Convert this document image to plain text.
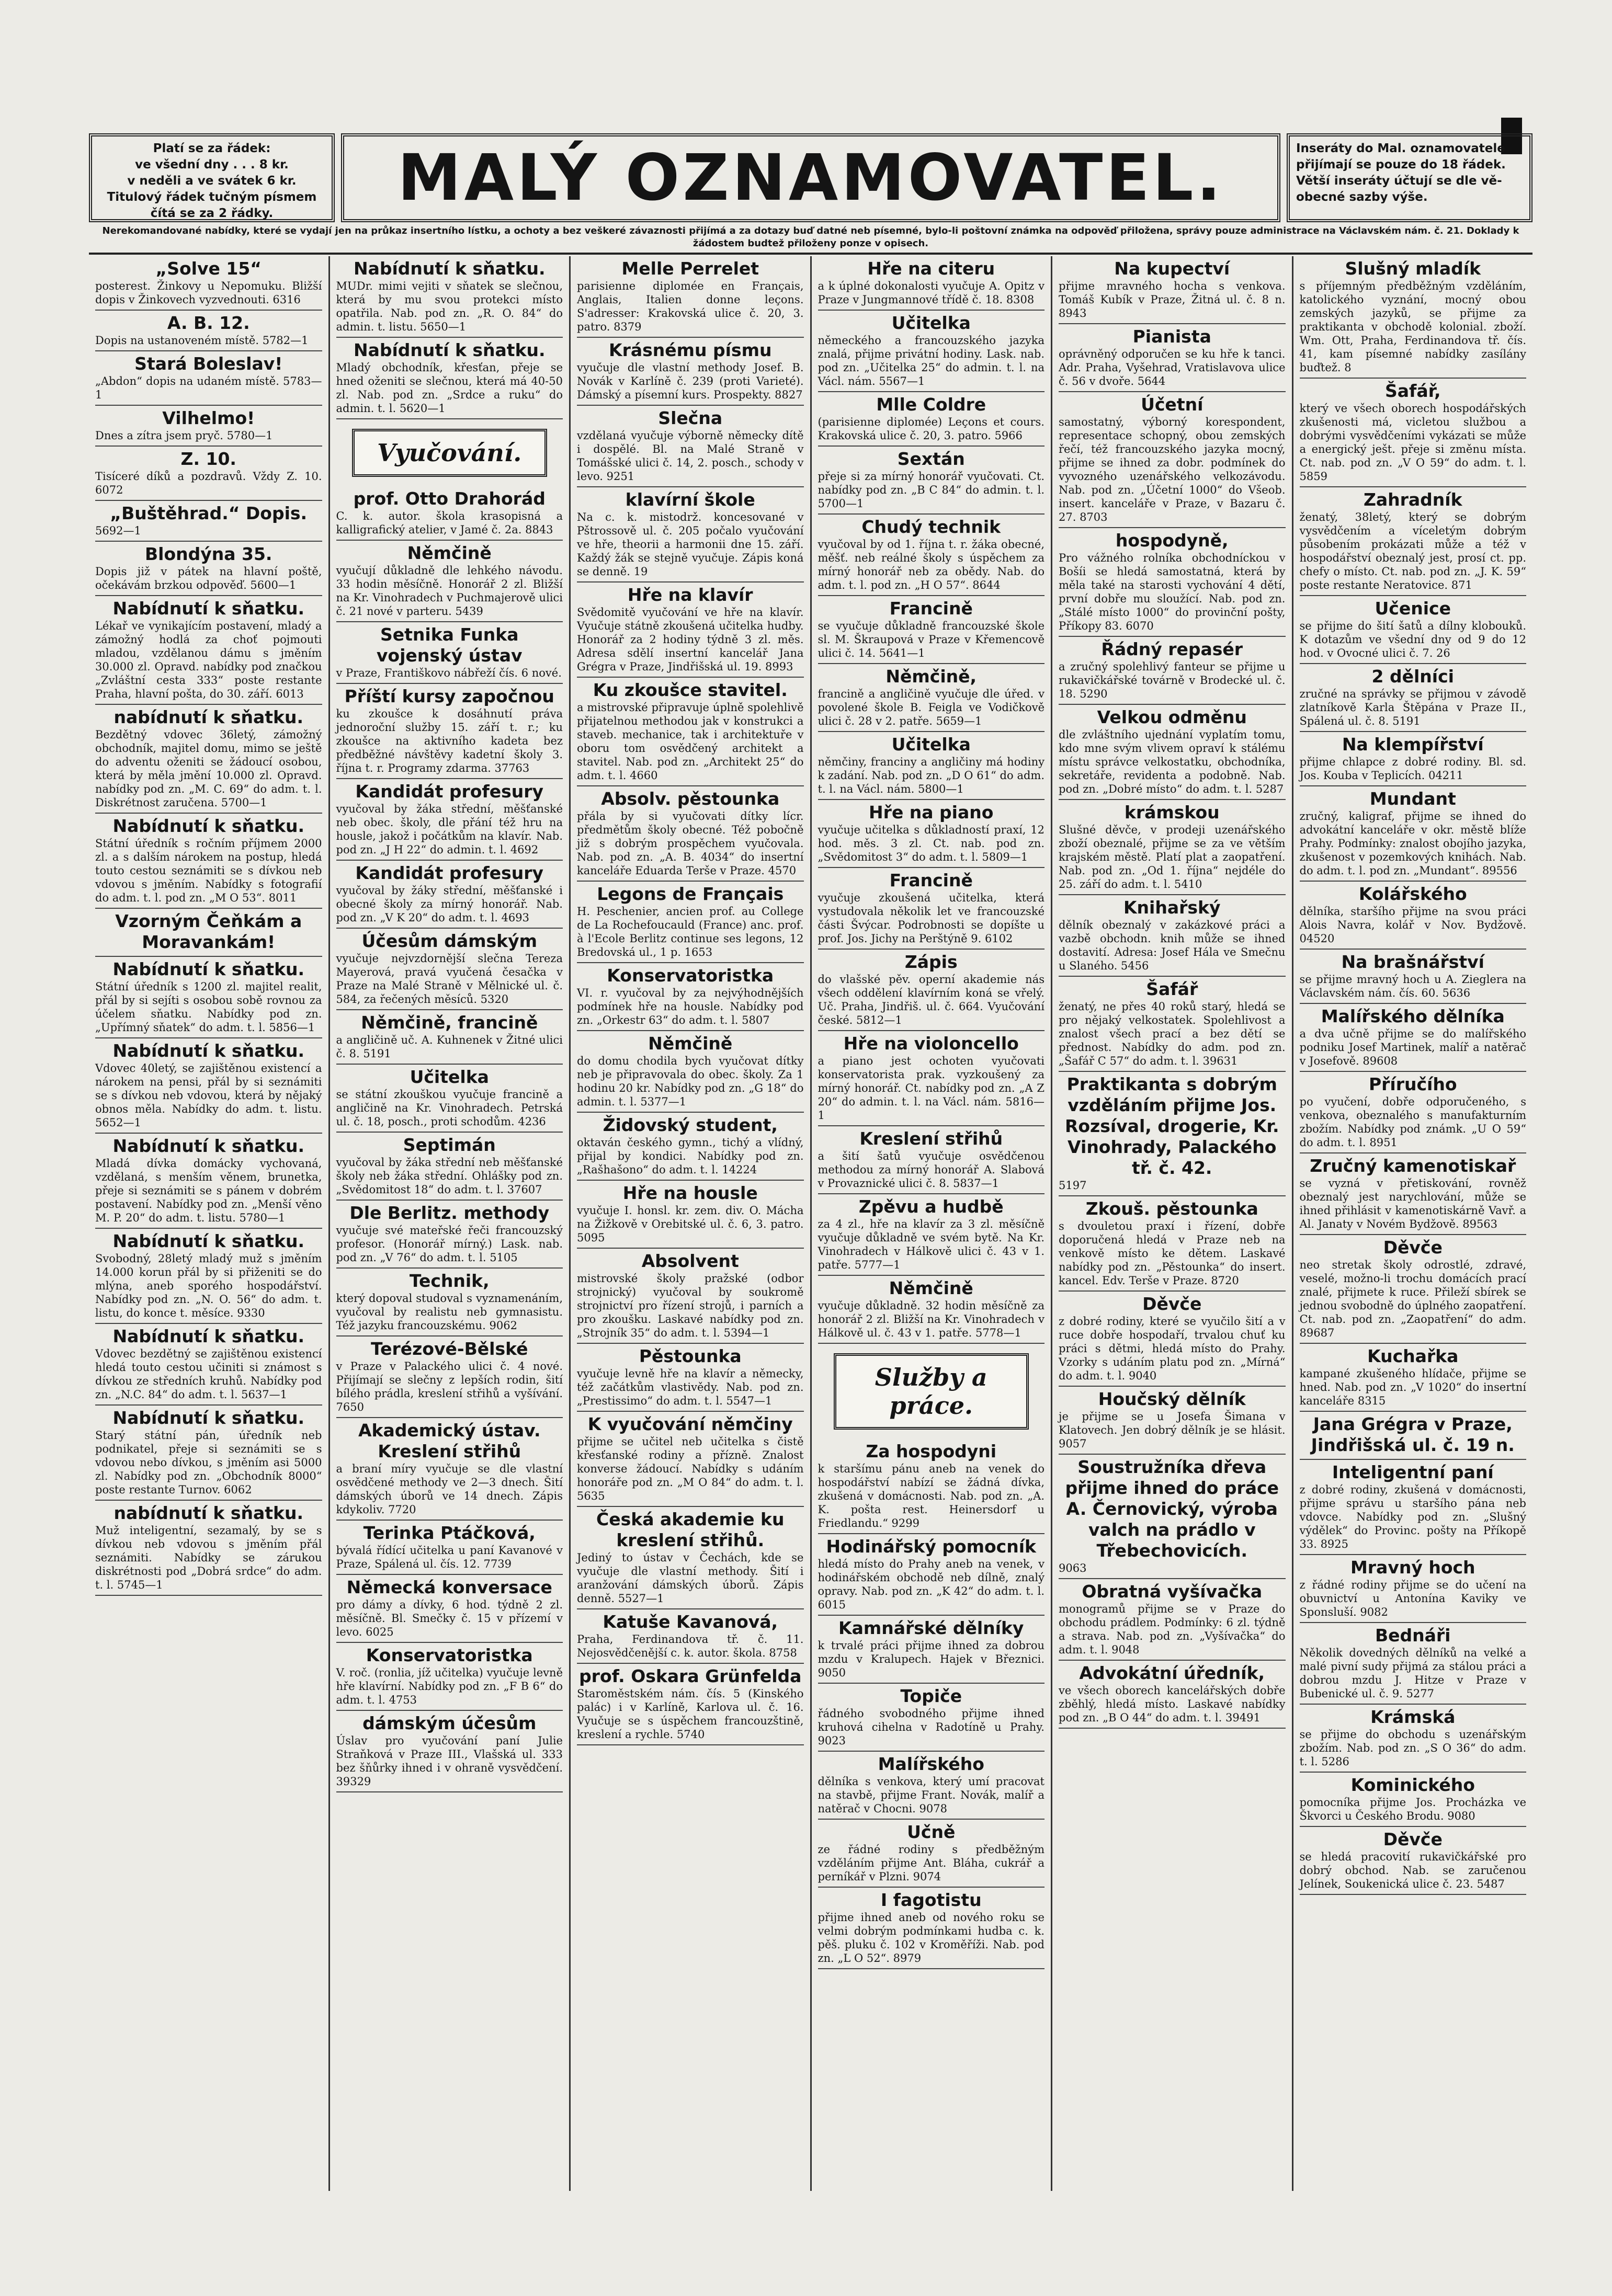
Platí se za řádek:
ve všední dny . . . 8 kr.
v neděli a ve svátek 6 kr.
Titulový řádek tučným písmem
čítá se za 2 řádky.	MALÝ OZNAMOVATEL.	Inseráty do Mal. oznamovatele
přijímají se pouze do 18 řádek.
Větší inseráty účtují se dle vě-
obecné sazby výše.
Nerekomandované nabídky, které se vydají jen na průkaz insertního lístku, a ochoty a bez veškeré závaznosti přijímá a za dotazy buď datné neb písemné, bylo-li poštovní známka na odpověď přiložena, správy pouze administrace na Václavském nám. č. 21. Doklady k žádostem budtež přiloženy ponze v opisech.
„Solve 15“
posterest. Žinkovy u Nepomuku. Bližší dopis v Žinkovech vyzvednouti. 6316
A. B. 12.
Dopis na ustanoveném místě. 5782—1
Stará Boleslav!
„Abdon“ dopis na udaném místě. 5783—1
Vilhelmo!
Dnes a zítra jsem pryč. 5780—1
Z. 10.
Tisíceré díků a pozdravů. Vždy Z. 10. 6072
„Buštěhrad.“ Dopis.
5692—1
Blondýna 35.
Dopis již v pátek na hlavní poště, očekávám brzkou odpověď. 5600—1
Nabídnutí k sňatku.
Lékař ve vynikajícím postavení, mladý a zámožný hodlá za choť pojmouti mladou, vzdělanou dámu s jměním 30.000 zl. Opravd. nabídky pod značkou „Zvláštní cesta 333“ poste restante Praha, hlavní pošta, do 30. září. 6013
nabídnutí k sňatku.
Bezdětný vdovec 36letý, zámožný obchodník, majitel domu, mimo se ještě do adventu oženiti se žádoucí osobou, která by měla jmění 10.000 zl. Opravd. nabídky pod zn. „M. C. 69“ do adm. t. l. Diskrétnost zaručena. 5700—1
Nabídnutí k sňatku.
Státní úředník s ročním příjmem 2000 zl. a s dalším nárokem na postup, hledá touto cestou seznámiti se s dívkou neb vdovou s jměním. Nabídky s fotografií do adm. t. l. pod zn. „M O 53“. 8011
Vzorným Čeňkám a Moravankám!
Nabídnutí k sňatku.
Státní úředník s 1200 zl. majitel realit, přál by si sejíti s osobou sobě rovnou za účelem sňatku. Nabídky pod zn. „Upřímný sňatek“ do adm. t. l. 5856—1
Nabídnutí k sňatku.
Vdovec 40letý, se zajištěnou existencí a nárokem na pensi, přál by si seznámiti se s dívkou neb vdovou, která by nějaký obnos měla. Nabídky do adm. t. listu. 5652—1
Nabídnutí k sňatku.
Mladá dívka domácky vychovaná, vzdělaná, s menším věnem, brunetka, přeje si seznámiti se s pánem v dobrém postavení. Nabídky pod zn. „Menší věno M. P. 20“ do adm. t. listu. 5780—1
Nabídnutí k sňatku.
Svobodný, 28letý mladý muž s jměním 14.000 korun přál by si přiženiti se do mlýna, aneb sporého hospodářství. Nabídky pod zn. „N. O. 56“ do adm. t. listu, do konce t. měsíce. 9330
Nabídnutí k sňatku.
Vdovec bezdětný se zajištěnou existencí hledá touto cestou učiniti si známost s dívkou ze středních kruhů. Nabídky pod zn. „N.C. 84“ do adm. t. l. 5637—1
Nabídnutí k sňatku.
Starý státní pán, úředník neb podnikatel, přeje si seznámiti se s vdovou nebo dívkou, s jměním asi 5000 zl. Nabídky pod zn. „Obchodník 8000“ poste restante Turnov. 6062
nabídnutí k sňatku.
Muž inteligentní, sezamalý, by se s dívkou neb vdovou s jměním přál seznámiti. Nabídky se zárukou diskrétnosti pod „Dobrá srdce“ do adm. t. l. 5745—1
Nabídnutí k sňatku.
MUDr. mimi vejiti v sňatek se slečnou, která by mu svou protekci místo opatřila. Nab. pod zn. „R. O. 84“ do admin. t. listu. 5650—1
Nabídnutí k sňatku.
Mladý obchodník, křesťan, přeje se hned oženiti se slečnou, která má 40-50 zl. Nab. pod zn. „Srdce a ruku“ do admin. t. l. 5620—1
Vyučování.
prof. Otto Drahorád
C. k. autor. škola krasopisná a kalligrafický atelier, v Jamé č. 2a. 8843
Němčině
vyučují důkladně dle lehkého návodu. 33 hodin měsíčně. Honorář 2 zl. Bližší na Kr. Vinohradech v Puchmajerově ulici č. 21 nové v parteru. 5439
Setnika Funka vojenský ústav
v Praze, Františkovo nábřeží čís. 6 nové.
Příští kursy započnou
ku zkoušce k dosáhnutí práva jednoroční služby 15. září t. r.; ku zkoušce na aktivního kadeta bez předběžné návštěvy kadetní školy 3. října t. r. Programy zdarma. 37763
Kandidát profesury
vyučoval by žáka střední, měšťanské neb obec. školy, dle přání též hru na housle, jakož i počátkům na klavír. Nab. pod zn. „J H 22“ do admin. t. l. 4692
Kandidát profesury
vyučoval by žáky střední, měšťanské i obecné školy za mírný honorář. Nab. pod zn. „V K 20“ do adm. t. l. 4693
Účesům dámským
vyučuje nejvzdornější slečna Tereza Mayerová, pravá vyučená česačka v Praze na Malé Straně v Mělnické ul. č. 584, za řečených měsíců. 5320
Němčině, francině
a angličině uč. A. Kuhnenek v Žitné ulici č. 8. 5191
Učitelka
se státní zkouškou vyučuje francině a angličině na Kr. Vinohradech. Petrská ul. č. 18, posch., proti schodům. 4236
Septimán
vyučoval by žáka střední neb měšťanské školy neb žáka střední. Ohlášky pod zn. „Svědomitost 18“ do adm. t. l. 37607
Dle Berlitz. methody
vyučuje své mateřské řeči francouzský profesor. (Honorář mírný.) Lask. nab. pod zn. „V 76“ do adm. t. l. 5105
Technik,
který dopoval studoval s vyznamenáním, vyučoval by realistu neb gymnasistu. Též jazyku francouzskému. 9062
Terézové-Bělské
v Praze v Palackého ulici č. 4 nové. Přijímají se slečny z lepších rodin, šití bílého prádla, kreslení střihů a vyšívání. 7650
Akademický ústav. Kreslení střihů
a braní míry vyučuje se dle vlastní osvědčené methody ve 2—3 dnech. Šití dámských úborů ve 14 dnech. Zápis kdykoliv. 7720
Terinka Ptáčková,
bývalá řídící učitelka u paní Kavanové v Praze, Spálená ul. čís. 12. 7739
Německá konversace
pro dámy a dívky, 6 hod. týdně 2 zl. měsíčně. Bl. Smečky č. 15 v přízemí v levo. 6025
Konservatoristka
V. roč. (ronlia, jíž učitelka) vyučuje levně hře klavírní. Nabídky pod zn. „F B 6“ do adm. t. l. 4753
dámským účesům
Úslav pro vyučování paní Julie Straňková v Praze III., Vlašská ul. 333 bez šňůrky ihned i v ohraně vysvědčení. 39329
Melle Perrelet
parisienne diplomée en Français, Anglais, Italien donne leçons. S'adresser: Krakovská ulice č. 20, 3. patro. 8379
Krásnému písmu
vyučuje dle vlastní methody Josef. B. Novák v Karlíně č. 239 (proti Varieté). Dámský a písemní kurs. Prospekty. 8827
Slečna
vzdělaná vyučuje výborně německy dítě i dospělé. Bl. na Malé Straně v Tomášské ulici č. 14, 2. posch., schody v levo. 9251
klavírní škole
Na c. k. mistodrž. koncesované v Pštrossově ul. č. 205 počalo vyučování ve hře, theorii a harmonii dne 15. září. Každý žák se stejně vyučuje. Zápis koná se denně. 19
Hře na klavír
Svědomitě vyučování ve hře na klavír. Vyučuje státně zkoušená učitelka hudby. Honorář za 2 hodiny týdně 3 zl. měs. Adresa sdělí insertní kancelář Jana Grégra v Praze, Jindřišská ul. 19. 8993
Ku zkoušce stavitel.
a mistrovské připravuje úplně spolehlivě přijatelnou methodou jak v konstrukci a staveb. mechanice, tak i architektuře v oboru tom osvědčený architekt a stavitel. Nab. pod zn. „Architekt 25“ do adm. t. l. 4660
Absolv. pěstounka
přála by si vyučovati dítky lícr. předmětům školy obecné. Též pobočně již s dobrým prospěchem vyučovala. Nab. pod zn. „A. B. 4034“ do insertní kanceláře Eduarda Terše v Praze. 4570
Legons de Français
H. Peschenier, ancien prof. au College de La Rochefoucauld (France) anc. prof. à l'Ecole Berlitz continue ses legons, 12 Bredovská ul., 1 p. 1653
Konservatoristka
VI. r. vyučoval by za nejvýhodnějších podmínek hře na housle. Nabídky pod zn. „Orkestr 63“ do adm. t. l. 5807
Němčině
do domu chodila bych vyučovat dítky neb je připravovala do obec. školy. Za 1 hodinu 20 kr. Nabídky pod zn. „G 18“ do admin. t. l. 5377—1
Židovský student,
oktaván českého gymn., tichý a vlídný, přijal by kondici. Nabídky pod zn. „Rašhašono“ do adm. t. l. 14224
Hře na housle
vyučuje I. honsl. kr. zem. div. O. Mácha na Žižkově v Orebitské ul. č. 6, 3. patro. 5095
Absolvent
mistrovské školy pražské (odbor strojnický) vyučoval by soukromě strojnictví pro řízení strojů, i parních a pro zkoušku. Laskavé nabídky pod zn. „Strojník 35“ do adm. t. l. 5394—1
Pěstounka
vyučuje levně hře na klavír a německy, též začátkům vlastivědy. Nab. pod zn. „Prestissimo“ do adm. t. l. 5547—1
K vyučování němčiny
přijme se učitel neb učitelka s čistě křesťanské rodiny a přízně. Znalost konverse žádoucí. Nabídky s udáním honoráře pod zn. „M O 84“ do adm. t. l. 5635
Česká akademie ku kreslení střihů.
Jediný to ústav v Čechách, kde se vyučuje dle vlastní methody. Šití i aranžování dámských úborů. Zápis denně. 5527—1
Katuše Kavanová,
Praha, Ferdinandova tř. č. 11. Nejosvědčenější c. k. autor. škola. 8758
prof. Oskara Grünfelda
Staroměstském nám. čís. 5 (Kinského palác) i v Karlíně, Karlova ul. č. 16. Vyučuje se s úspěchem francouzštině, kreslení a rychle. 5740
Hře na citeru
a k úplné dokonalosti vyučuje A. Opitz v Praze v Jungmannové třídě č. 18. 8308
Učitelka
německého a francouzského jazyka znalá, přijme privátní hodiny. Lask. nab. pod zn. „Učitelka 25“ do admin. t. l. na Václ. nám. 5567—1
Mlle Coldre
(parisienne diplomée) Leçons et cours. Krakovská ulice č. 20, 3. patro. 5966
Sextán
přeje si za mírný honorář vyučovati. Ct. nabídky pod zn. „B C 84“ do admin. t. l. 5700—1
Chudý technik
vyučoval by od 1. října t. r. žáka obecné, měšť. neb reálné školy s úspěchem za mírný honorář neb za obědy. Nab. do adm. t. l. pod zn. „H O 57“. 8644
Francině
se vyučuje důkladně francouzské škole sl. M. Škraupová v Praze v Křemencově ulici č. 14. 5641—1
Němčině,
francině a angličině vyučuje dle úřed. v povolené škole B. Feigla ve Vodičkově ulici č. 28 v 2. patře. 5659—1
Učitelka
němčiny, franciny a angličiny má hodiny k zadání. Nab. pod zn. „D O 61“ do adm. t. l. na Václ. nám. 5800—1
Hře na piano
vyučuje učitelka s důkladností praxí, 12 hod. měs. 3 zl. Ct. nab. pod zn. „Svědomitost 3“ do adm. t. l. 5809—1
Francině
vyučuje zkoušená učitelka, která vystudovala několik let ve francouzské části Švýcar. Podrobnosti se dopíšte u prof. Jos. Jichy na Perštýně 9. 6102
Zápis
do vlašské pěv. operní akademie nás všech oddělení klavírním koná se vřelý. Uč. Praha, Jindřiš. ul. č. 664. Vyučování české. 5812—1
Hře na violoncello
a piano jest ochoten vyučovati konservatorista prak. vyzkoušený za mírný honorář. Ct. nabídky pod zn. „A Z 20“ do admin. t. l. na Václ. nám. 5816—1
Kreslení střihů
a šití šatů vyučuje osvědčenou methodou za mírný honorář A. Slabová v Provaznické ulici č. 8. 5837—1
Zpěvu a hudbě
za 4 zl., hře na klavír za 3 zl. měsíčně vyučuje důkladně ve svém bytě. Na Kr. Vinohradech v Hálkově ulici č. 43 v 1. patře. 5777—1
Němčině
vyučuje důkladně. 32 hodin měsíčně za honorář 2 zl. Bližší na Kr. Vinohradech v Hálkově ul. č. 43 v 1. patře. 5778—1
Služby a práce.
Za hospodyni
k staršímu pánu aneb na venek do hospodářství nabízí se žádná dívka, zkušená v domácnosti. Nab. pod zn. „A. K. pošta rest. Heinersdorf u Friedlandu.“ 9299
Hodinářský pomocník
hledá místo do Prahy aneb na venek, v hodinářském obchodě neb dílně, znalý opravy. Nab. pod zn. „K 42“ do adm. t. l. 6015
Kamnářské dělníky
k trvalé práci přijme ihned za dobrou mzdu v Kralupech. Hajek v Březnici. 9050
Topiče
řádného svobodného přijme ihned kruhová cihelna v Radotíně u Prahy. 9023
Malířského
dělníka s venkova, který umí pracovat na stavbě, přijme Frant. Novák, malíř a natěrač v Chocni. 9078
Učně
ze řádné rodiny s předběžným vzděláním přijme Ant. Bláha, cukrář a perníkář v Plzni. 9074
I fagotistu
přijme ihned aneb od nového roku se velmi dobrým podmínkami hudba c. k. pěš. pluku č. 102 v Kroměříži. Nab. pod zn. „L O 52“. 8979
Na kupectví
přijme mravného hocha s venkova. Tomáš Kubík v Praze, Žitná ul. č. 8 n. 8943
Pianista
oprávněný odporučen se ku hře k tanci. Adr. Praha, Vyšehrad, Vratislavova ulice č. 56 v dvoře. 5644
Účetní
samostatný, výborný korespondent, representace schopný, obou zemských řečí, též francouzského jazyka mocný, přijme se ihned za dobr. podmínek do vyvozného uzenářského velkozávodu. Nab. pod zn. „Účetní 1000“ do Všeob. insert. kanceláře v Praze, v Bazaru č. 27. 8703
hospodyně,
Pro vážného rolníka obchodníckou v Bošíi se hledá samostatná, která by měla také na starosti vychování 4 dětí, první dobře mu sloužící. Nab. pod zn. „Stálé místo 1000“ do provinční pošty, Příkopy 83. 6070
Řádný repasér
a zručný spolehlivý fanteur se přijme u rukavičkářské továrně v Brodecké ul. č. 18. 5290
Velkou odměnu
dle zvláštního ujednání vyplatím tomu, kdo mne svým vlivem opraví k stálému místu správce velkostatku, obchodníka, sekretáře, revidenta a podobně. Nab. pod zn. „Dobré místo“ do adm. t. l. 5287
krámskou
Slušné děvče, v prodeji uzenářského zboží obeznalé, přijme se za ve větším krajském městě. Platí plat a zaopatření. Nab. pod zn. „Od 1. října“ nejdéle do 25. září do adm. t. l. 5410
Knihařský
dělník obeznalý v zakázkové práci a vazbě obchodn. knih může se ihned dostavití. Adresa: Josef Hála ve Smečnu u Slaného. 5456
Šafář
ženatý, ne přes 40 roků starý, hledá se pro nějaký velkostatek. Spolehlivost a znalost všech prací a bez dětí se přednost. Nabídky do adm. pod zn. „Šafář C 57“ do adm. t. l. 39631
Praktikanta s dobrým vzděláním přijme Jos. Rozsíval, drogerie, Kr. Vinohrady, Palackého tř. č. 42.
5197
Zkouš. pěstounka
s dvouletou praxí i řízení, dobře doporučená hledá v Praze neb na venkově místo ke dětem. Laskavé nabídky pod zn. „Pěstounka“ do insert. kancel. Edv. Terše v Praze. 8720
Děvče
z dobré rodiny, které se vyučilo šití a v ruce dobře hospodaří, trvalou chuť ku práci s dětmi, hledá místo do Prahy. Vzorky s udáním platu pod zn. „Mírná“ do adm. t. l. 9040
Houčský dělník
je přijme se u Josefa Šimana v Klatovech. Jen dobrý dělník je se hlásit. 9057
Soustružníka dřeva přijme ihned do práce A. Černovický, výroba valch na prádlo v Třebechovicích.
9063
Obratná vyšívačka
monogramů přijme se v Praze do obchodu prádlem. Podmínky: 6 zl. týdně a strava. Nab. pod zn. „Vyšívačka“ do adm. t. l. 9048
Advokátní úředník,
ve všech oborech kancelářských dobře zběhlý, hledá místo. Laskavé nabídky pod zn. „B O 44“ do adm. t. l. 39491
Slušný mladík
s příjemným předběžným vzděláním, katolického vyznání, mocný obou zemských jazyků, se přijme za praktikanta v obchodě kolonial. zboží. Wm. Ott, Praha, Ferdinandova tř. čís. 41, kam písemné nabídky zasílány buďtež. 8
Šafář,
který ve všech oborech hospodářských zkušenosti má, vicletou službou a dobrými vysvědčeními vykázati se může a energický ješt. přeje si změnu místa. Ct. nab. pod zn. „V O 59“ do adm. t. l. 5859
Zahradník
ženatý, 38letý, který se dobrým vysvědčením a víceletým dobrým působením prokázati může a též v hospodářství obeznalý jest, prosí ct. pp. chefy o místo. Ct. nab. pod zn. „J. K. 59“ poste restante Neratovice. 871
Učenice
se přijme do šití šatů a dílny klobouků. K dotazům ve všední dny od 9 do 12 hod. v Ovocné ulici č. 7. 26
2 dělníci
zručné na správky se přijmou v závodě zlatníkově Karla Štěpána v Praze II., Spálená ul. č. 8. 5191
Na klempířství
přijme chlapce z dobré rodiny. Bl. sd. Jos. Kouba v Teplicích. 04211
Mundant
zručný, kaligraf, přijme se ihned do advokátní kanceláře v okr. městě blíže Prahy. Podmínky: znalost obojího jazyka, zkušenost v pozemkových knihách. Nab. do adm. t. l. pod zn. „Mundant“. 89556
Kolářského
dělníka, staršího přijme na svou práci Alois Navra, kolář v Nov. Bydžově. 04520
Na brašnářství
se přijme mravný hoch u A. Zieglera na Václavském nám. čís. 60. 5636
Malířského dělníka
a dva učně přijme se do malířského podniku Josef Martinek, malíř a natěrač v Josefově. 89608
Příručího
po vyučení, dobře odporučeného, s venkova, obeznalého s manufakturním zbožím. Nabídky pod známk. „U O 59“ do adm. t. l. 8951
Zručný kamenotiskař
se vyzná v přetiskování, rovněž obeznalý jest narychlování, může se ihned přihlásit v kamenotiskárně Vavř. a Al. Janaty v Novém Bydžově. 89563
Děvče
neo stretak školy odrostlé, zdravé, veselé, možno-li trochu domácích prací znalé, přijmete k ruce. Přileží sbírek se jednou svobodně do úplného zaopatření. Ct. nab. pod zn. „Zaopatření“ do adm. 89687
Kuchařka
kampané zkušeného hlídače, přijme se hned. Nab. pod zn. „V 1020“ do insertní kanceláře 8315
Jana Grégra v Praze, Jindřišská ul. č. 19 n.
Inteligentní paní
z dobré rodiny, zkušená v domácnosti, přijme správu u staršího pána neb vdovce. Nabídky pod zn. „Slušný výdělek“ do Provinc. pošty na Příkopě 33. 8925
Mravný hoch
z řádné rodiny přijme se do učení na obuvnictví u Antonína Kaviky ve Sponsluší. 9082
Bednáři
Několik dovedných dělníků na velké a malé pivní sudy přijmá za stálou práci a dobrou mzdu J. Hitze v Praze v Bubenické ul. č. 9. 5277
Krámská
se přijme do obchodu s uzenářským zbožím. Nab. pod zn. „S O 36“ do adm. t. l. 5286
Kominického
pomocníka přijme Jos. Procházka ve Škvorci u Českého Brodu. 9080
Děvče
se hledá pracovití rukavičkářské pro dobrý obchod. Nab. se zaručenou Jelínek, Soukenická ulice č. 23. 5487
